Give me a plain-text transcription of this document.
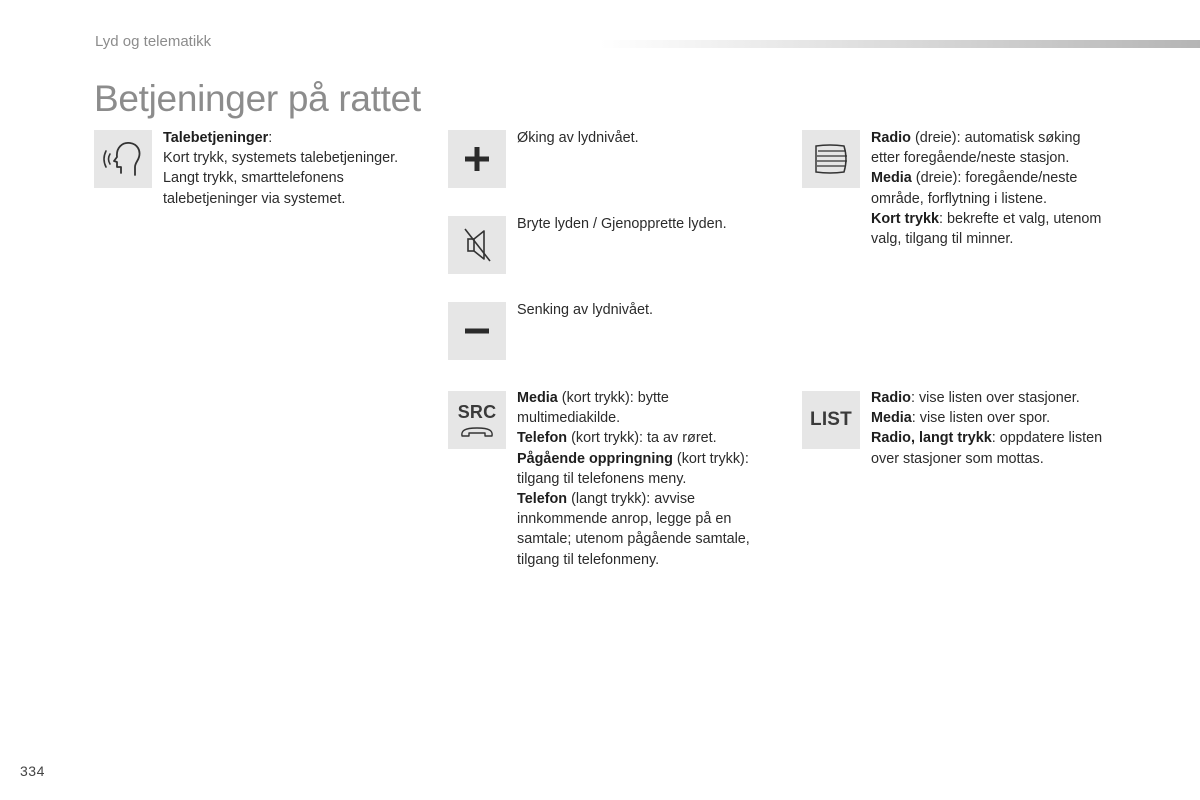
Lyd og telematikk
Betjeninger på rattet

Talebetjeninger:

Kort trykk, systemets talebetjeninger.

Langt trykk, smarttelefonens

talebetjeninger via systemet.

Øking av lydnivået.

Bryte lyden / Gjenopprette lyden.

Senking av lydnivået.

SRC

Media (kort trykk): bytte

multimediakilde.

Telefon (kort trykk): ta av røret.

Pågående oppringning (kort trykk):

tilgang til telefonens meny.

Telefon (langt trykk): avvise

innkommende anrop, legge på en

samtale; utenom pågående samtale,

tilgang til telefonmeny.

Radio (dreie): automatisk søking

etter foregående/neste stasjon.

Media (dreie): foregående/neste

område, forflytning i listene.

Kort trykk: bekrefte et valg, utenom

valg, tilgang til minner.

LIST

Radio: vise listen over stasjoner.

Media: vise listen over spor.

Radio, langt trykk: oppdatere listen

over stasjoner som mottas.

334
